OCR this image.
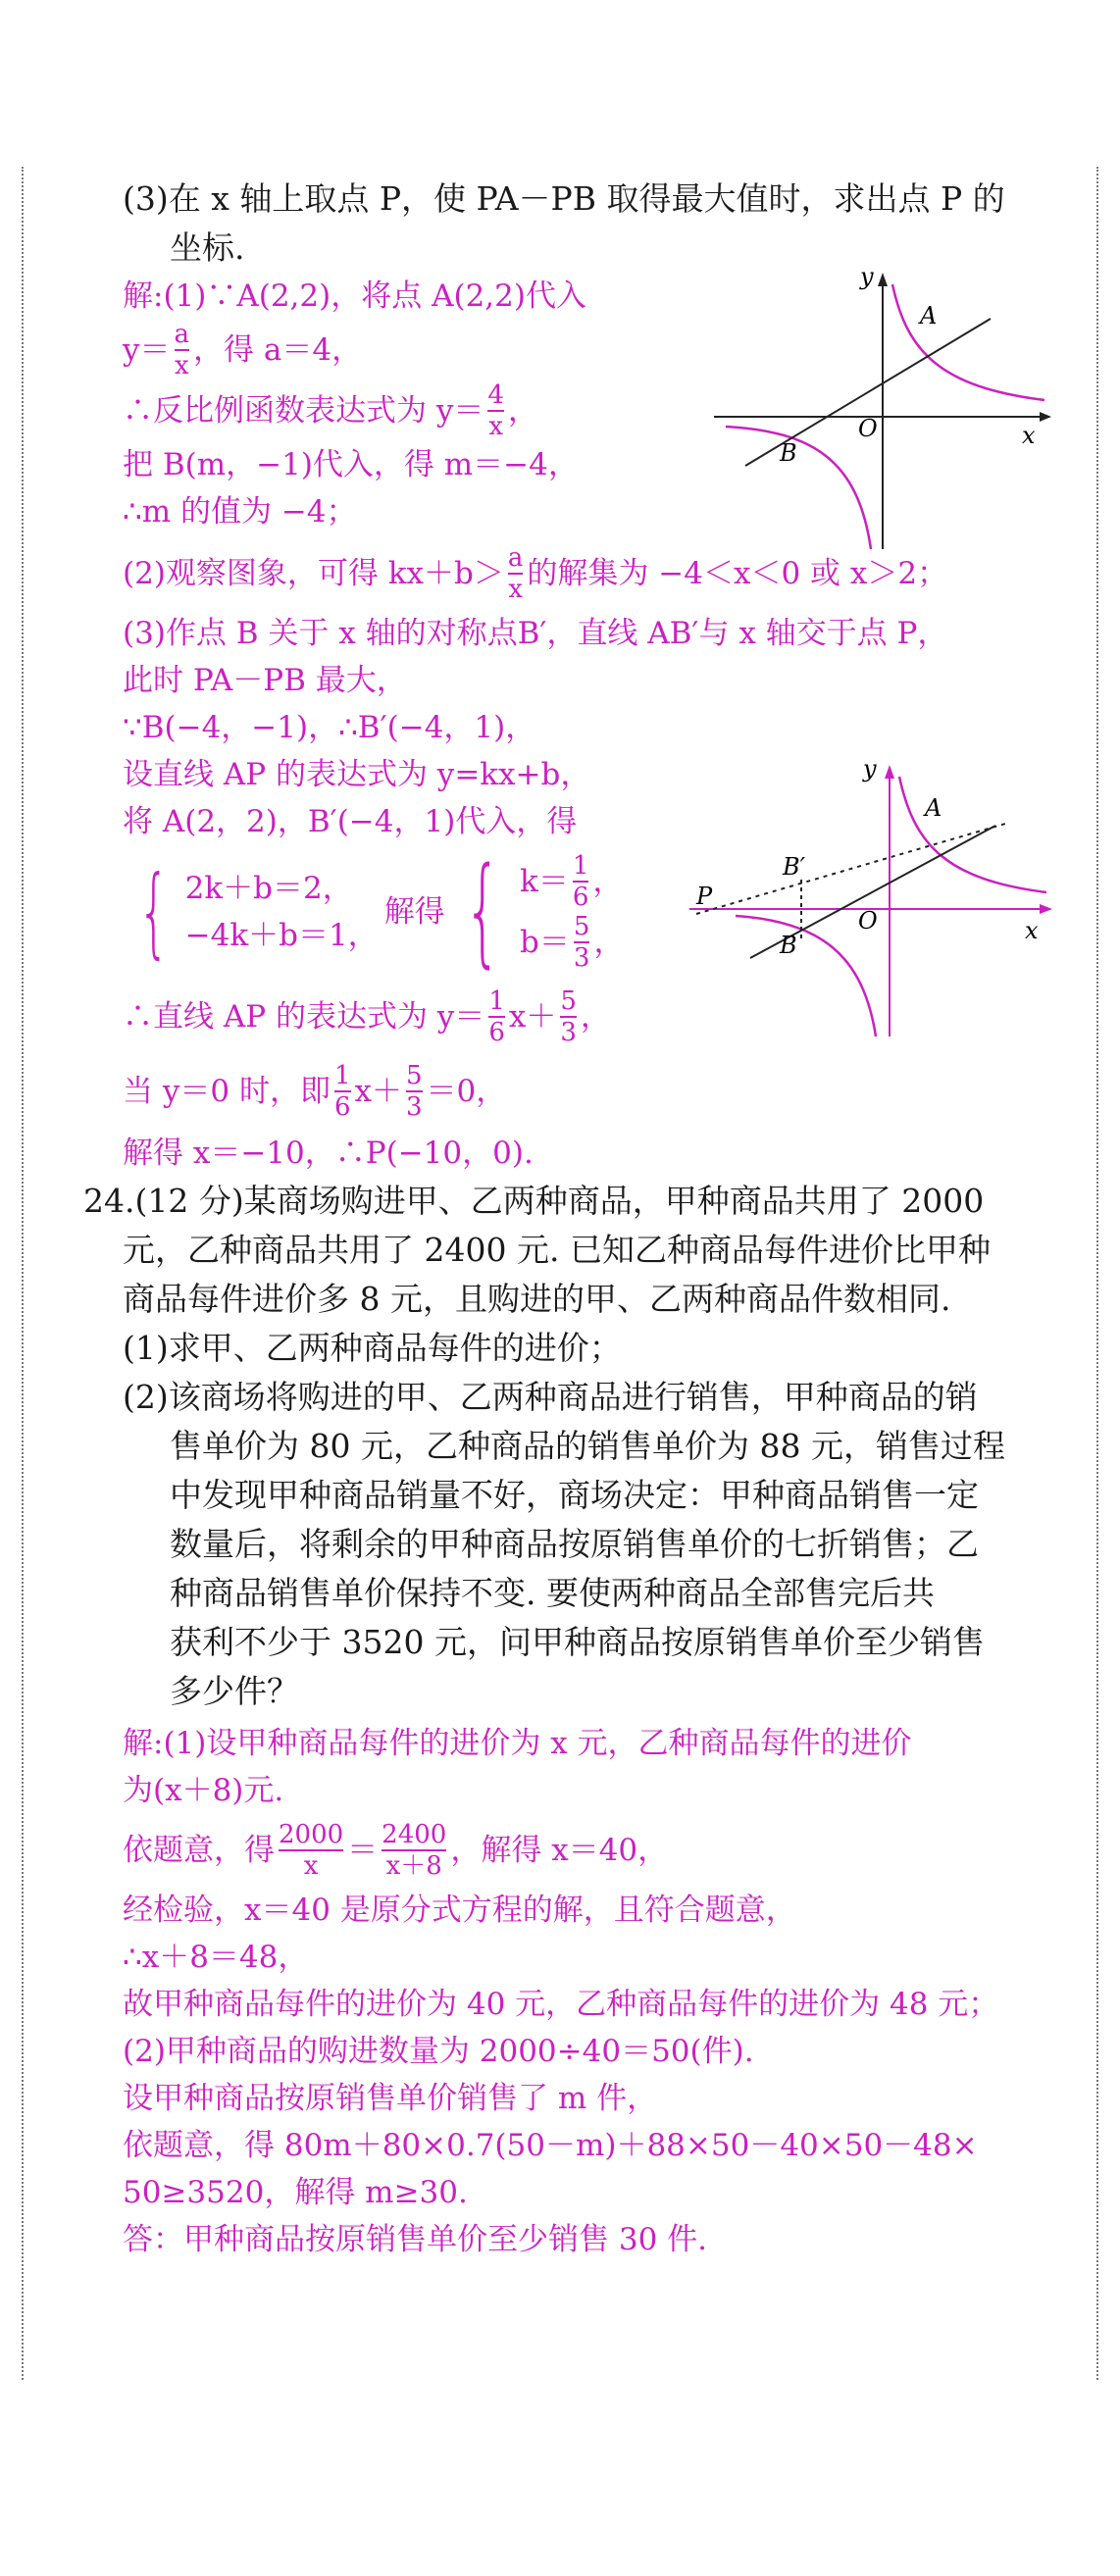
(3)在 x 轴上取点 P，使 PA－PB 取得最大值时，求出点 P 的
坐标.
解:(1)∵A(2,2)，将点 A(2,2)代入
$y= \frac{a}{x}$ ，得 a＝4，
∴反比例函数表达式为 $y= \frac{4}{x}$ ，
把 B(m，−1)代入，得 m＝−4，
∴m 的值为 −4；
(2)观察图象，可得 $kx+b> \frac{a}{x}$ 的解集为 −4＜x＜0 或 x＞2；
(3)作点 B 关于 x 轴的对称点B′，直线 AB′与 x 轴交于点 P，
此时 PA－PB 最大，
∵B(−4，−1)，∴B′(−4，1)，
设直线 AP 的表达式为 y=kx+b，
将 A(2，2)，B′(−4，1)代入，得
{ 2k＋b＝2，
−4k＋b＝1，
解得 { $k= \frac{1}{6}$ ，
$b= \frac{5}{3}$ ，
∴直线 AP 的表达式为 $y= \frac{1}{6} x+ \frac{5}{3}$ ，
当 y＝0 时，即 $\frac{1}{6} x+ \frac{5}{3} =0$，
解得 x＝−10，∴P(−10，0).
24.(12 分)某商场购进甲、乙两种商品，甲种商品共用了 2000
元，乙种商品共用了 2400 元. 已知乙种商品每件进价比甲种
商品每件进价多 8 元，且购进的甲、乙两种商品件数相同.
(1)求甲、乙两种商品每件的进价；
(2)该商场将购进的甲、乙两种商品进行销售，甲种商品的销
售单价为 80 元，乙种商品的销售单价为 88 元，销售过程
中发现甲种商品销量不好，商场决定：甲种商品销售一定
数量后，将剩余的甲种商品按原销售单价的七折销售；乙
种商品销售单价保持不变. 要使两种商品全部售完后共
获利不少于 3520 元，问甲种商品按原销售单价至少销售
多少件？
解:(1)设甲种商品每件的进价为 x 元，乙种商品每件的进价
为(x＋8)元.
依题意，得 $\frac{2000}{x} = \frac{2400}{x+8}$ ，解得 x＝40，
经检验，x＝40 是原分式方程的解，且符合题意，
∴x＋8＝48，
故甲种商品每件的进价为 40 元，乙种商品每件的进价为 48 元；
(2)甲种商品的购进数量为 2000÷40＝50(件).
设甲种商品按原销售单价销售了 m 件，
依题意，得 80m＋80×0.7(50－m)＋88×50－40×50－48×
50≥3520，解得 m≥30.
答：甲种商品按原销售单价至少销售 30 件.
y
x
O
A
B
y
x
O
A
B
B′
P
